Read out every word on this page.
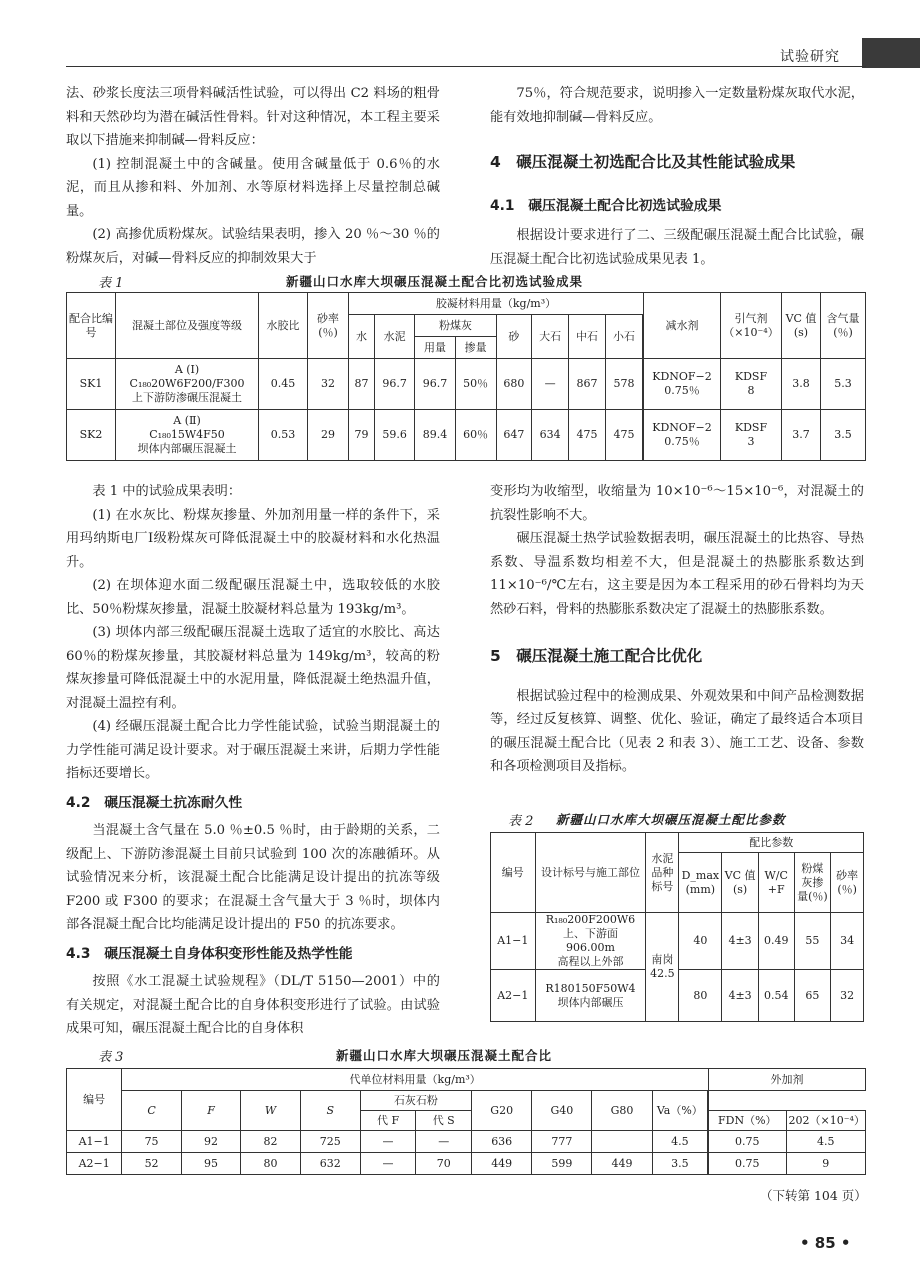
试验研究

法、砂浆长度法三项骨料碱活性试验，可以得出 C2 料场的粗骨料和天然砂均为潜在碱活性骨料。针对这种情况，本工程主要采取以下措施来抑制碱—骨料反应：

(1) 控制混凝土中的含碱量。使用含碱量低于 0.6％的水泥，而且从掺和料、外加剂、水等原材料选择上尽量控制总碱量。

(2) 高掺优质粉煤灰。试验结果表明，掺入 20 ％～30 ％的粉煤灰后，对碱—骨料反应的抑制效果大于

75％，符合规范要求，说明掺入一定数量粉煤灰取代水泥，能有效地抑制碱—骨料反应。

4　碾压混凝土初选配合比及其性能试验成果

4.1　碾压混凝土配合比初选试验成果

根据设计要求进行了二、三级配碾压混凝土配合比试验，碾压混凝土配合比初选试验成果见表 1。

表 1	新疆山口水库大坝碾压混凝土配合比初选试验成果
配合比编号	混凝土部位及强度等级	水胶比	砂率(％)	胶凝材料用量（kg/m³）								减水剂	引气剂（×10⁻⁴）	VC 值(s)	含气量(％)
				水	水泥	粉煤灰		砂	大石	中石	小石				
						用量	掺量								
SK1	A (Ⅰ)
C₁₈₀20W6F200/F300
上下游防渗碾压混凝土	0.45	32	87	96.7	96.7	50％	680	—	867	578		KDNOF−2
0.75％	KDSF
8	3.8	5.3
SK2	A (Ⅱ)
C₁₈₀15W4F50
坝体内部碾压混凝土	0.53	29	79	59.6	89.4	60％	647	634	475	475		KDNOF−2
0.75％	KDSF
3	3.7	3.5

表 1 中的试验成果表明：

(1) 在水灰比、粉煤灰掺量、外加剂用量一样的条件下，采用玛纳斯电厂Ⅰ级粉煤灰可降低混凝土中的胶凝材料和水化热温升。

(2) 在坝体迎水面二级配碾压混凝土中，选取较低的水胶比、50％粉煤灰掺量，混凝土胶凝材料总量为 193kg/m³。

(3) 坝体内部三级配碾压混凝土选取了适宜的水胶比、高达 60％的粉煤灰掺量，其胶凝材料总量为 149kg/m³，较高的粉煤灰掺量可降低混凝土中的水泥用量，降低混凝土绝热温升值，对混凝土温控有利。

(4) 经碾压混凝土配合比力学性能试验，试验当期混凝土的力学性能可满足设计要求。对于碾压混凝土来讲，后期力学性能指标还要增长。

4.2　碾压混凝土抗冻耐久性

当混凝土含气量在 5.0 ％±0.5 ％时，由于龄期的关系，二级配上、下游防渗混凝土目前只试验到 100 次的冻融循环。从试验情况来分析，该混凝土配合比能满足设计提出的抗冻等级 F200 或 F300 的要求；在混凝土含气量大于 3 ％时，坝体内部各混凝土配合比均能满足设计提出的 F50 的抗冻要求。

4.3　碾压混凝土自身体积变形性能及热学性能

按照《水工混凝土试验规程》（DL/T 5150—2001）中的有关规定，对混凝土配合比的自身体积变形进行了试验。由试验成果可知，碾压混凝土配合比的自身体积

变形均为收缩型，收缩量为 10×10⁻⁶～15×10⁻⁶，对混凝土的抗裂性影响不大。

碾压混凝土热学试验数据表明，碾压混凝土的比热容、导热系数、导温系数均相差不大，但是混凝土的热膨胀系数达到 11×10⁻⁶/℃左右，这主要是因为本工程采用的砂石骨料均为天然砂石料，骨料的热膨胀系数决定了混凝土的热膨胀系数。

5　碾压混凝土施工配合比优化

根据试验过程中的检测成果、外观效果和中间产品检测数据等，经过反复核算、调整、优化、验证，确定了最终适合本项目的碾压混凝土配合比（见表 2 和表 3）、施工工艺、设备、参数和各项检测项目及指标。

表 2 新疆山口水库大坝碾压混凝土配比参数
编号	设计标号与施工部位	水泥品种标号	配比参数				
			D_max (mm)	VC 值(s)	W/C +F	粉煤灰掺量(％)	砂率(％)
A1−1	R₁₈₀200F200W6
上、下游面 906.00m
高程以上外部	南岗 42.5	40	4±3	0.49	55	34
A2−1	R180150F50W4
坝体内部碾压		80	4±3	0.54	65	32
表 3	新疆山口水库大坝碾压混凝土配合比
编号	代单位材料用量（kg/m³）										外加剂	
	C	F	W	S	石灰石粉		G20	G40	G80	Va（%）	
					代 F	代 S					FDN（%）	202（×10⁻⁴）
A1−1	75	92	82	725	—	—	636	777		4.5		0.75	4.5
A2−1	52	95	80	632	—	70	449	599	449	3.5		0.75	9
（下转第 104 页）
• 85 •
